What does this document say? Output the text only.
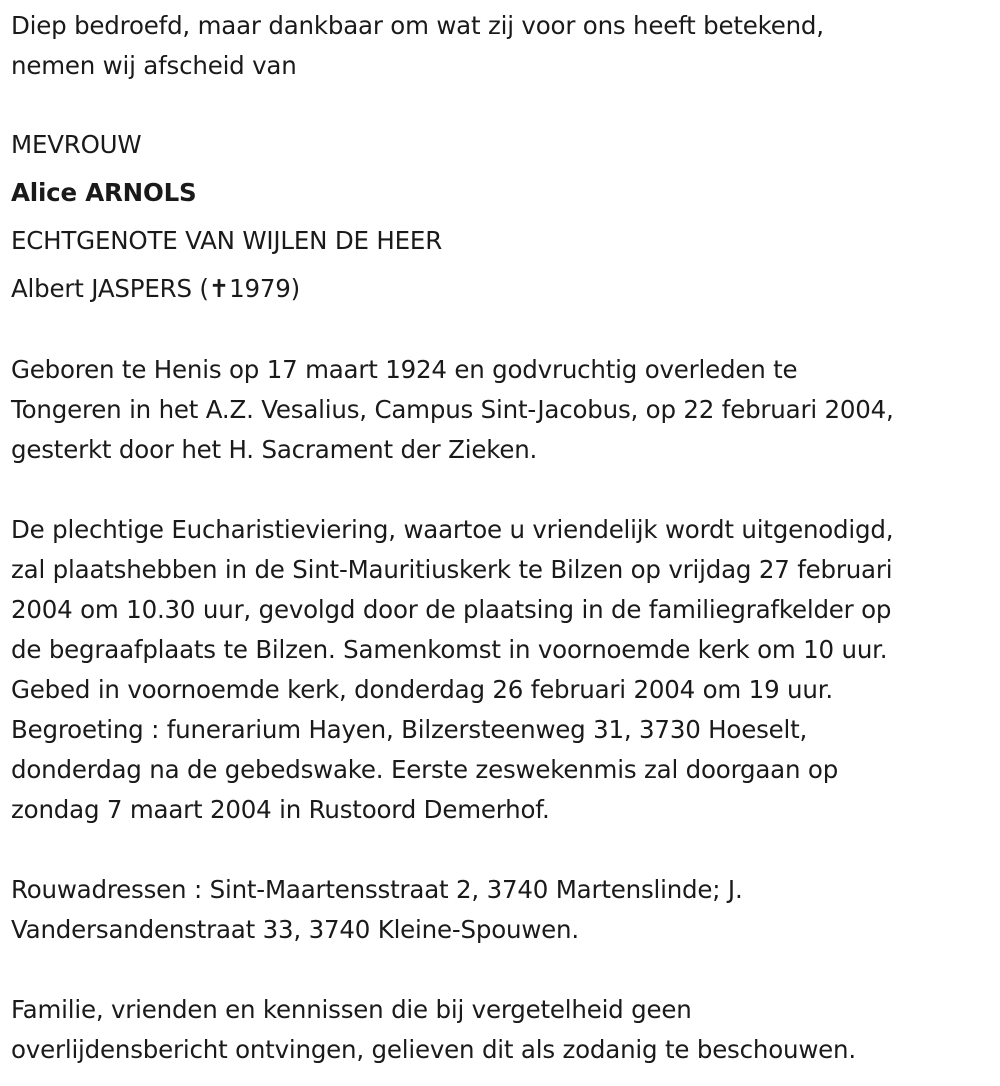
Diep bedroefd, maar dankbaar om wat zij voor ons heeft betekend,
nemen wij afscheid van
MEVROUW
Alice ARNOLS
ECHTGENOTE VAN WIJLEN DE HEER
Albert JASPERS (✝1979)
Geboren te Henis op 17 maart 1924 en godvruchtig overleden te
Tongeren in het A.Z. Vesalius, Campus Sint-Jacobus, op 22 februari 2004,
gesterkt door het H. Sacrament der Zieken.
De plechtige Eucharistieviering, waartoe u vriendelijk wordt uitgenodigd,
zal plaatshebben in de Sint-Mauritiuskerk te Bilzen op vrijdag 27 februari
2004 om 10.30 uur, gevolgd door de plaatsing in de familiegrafkelder op
de begraafplaats te Bilzen. Samenkomst in voornoemde kerk om 10 uur.
Gebed in voornoemde kerk, donderdag 26 februari 2004 om 19 uur.
Begroeting : funerarium Hayen, Bilzersteenweg 31, 3730 Hoeselt,
donderdag na de gebedswake. Eerste zeswekenmis zal doorgaan op
zondag 7 maart 2004 in Rustoord Demerhof.
Rouwadressen : Sint-Maartensstraat 2, 3740 Martenslinde; J.
Vandersandenstraat 33, 3740 Kleine-Spouwen.
Familie, vrienden en kennissen die bij vergetelheid geen
overlijdensbericht ontvingen, gelieven dit als zodanig te beschouwen.
